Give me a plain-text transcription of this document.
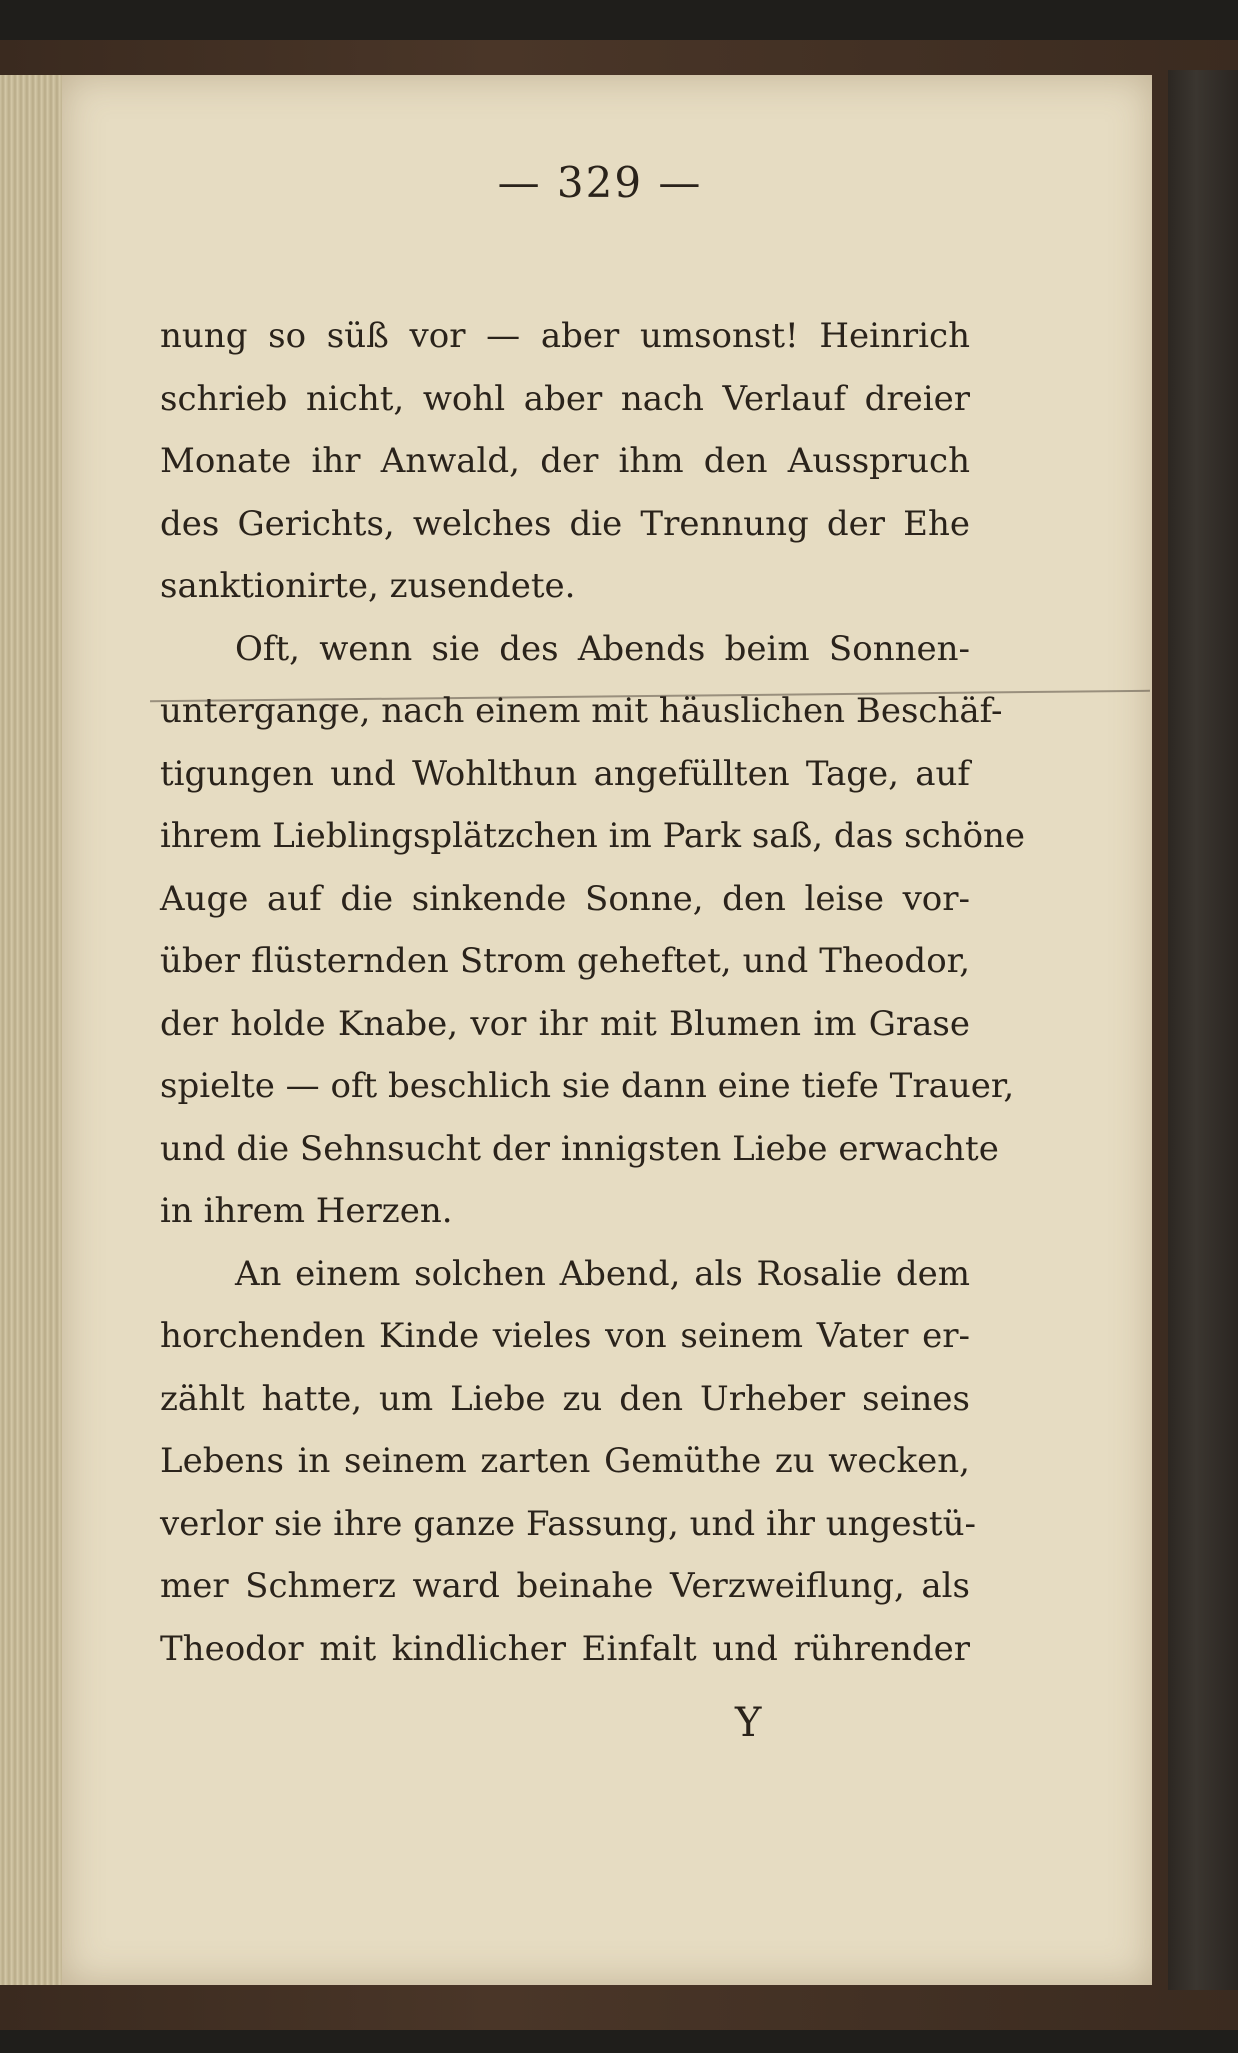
— 329 —

nung so süß vor — aber umsonst! Heinrich
schrieb nicht, wohl aber nach Verlauf dreier
Monate ihr Anwald, der ihm den Ausspruch
des Gerichts, welches die Trennung der Ehe
sanktionirte, zusendete.

Oft, wenn sie des Abends beim Sonnen-
untergange, nach einem mit häuslichen Beschäf-
tigungen und Wohlthun angefüllten Tage, auf
ihrem Lieblingsplätzchen im Park saß, das schöne
Auge auf die sinkende Sonne, den leise vor-
über flüsternden Strom geheftet, und Theodor,
der holde Knabe, vor ihr mit Blumen im Grase
spielte — oft beschlich sie dann eine tiefe Trauer,
und die Sehnsucht der innigsten Liebe erwachte
in ihrem Herzen.

An einem solchen Abend, als Rosalie dem
horchenden Kinde vieles von seinem Vater er-
zählt hatte, um Liebe zu den Urheber seines
Lebens in seinem zarten Gemüthe zu wecken,
verlor sie ihre ganze Fassung, und ihr ungestü-
mer Schmerz ward beinahe Verzweiflung, als
Theodor mit kindlicher Einfalt und rührender

Y
